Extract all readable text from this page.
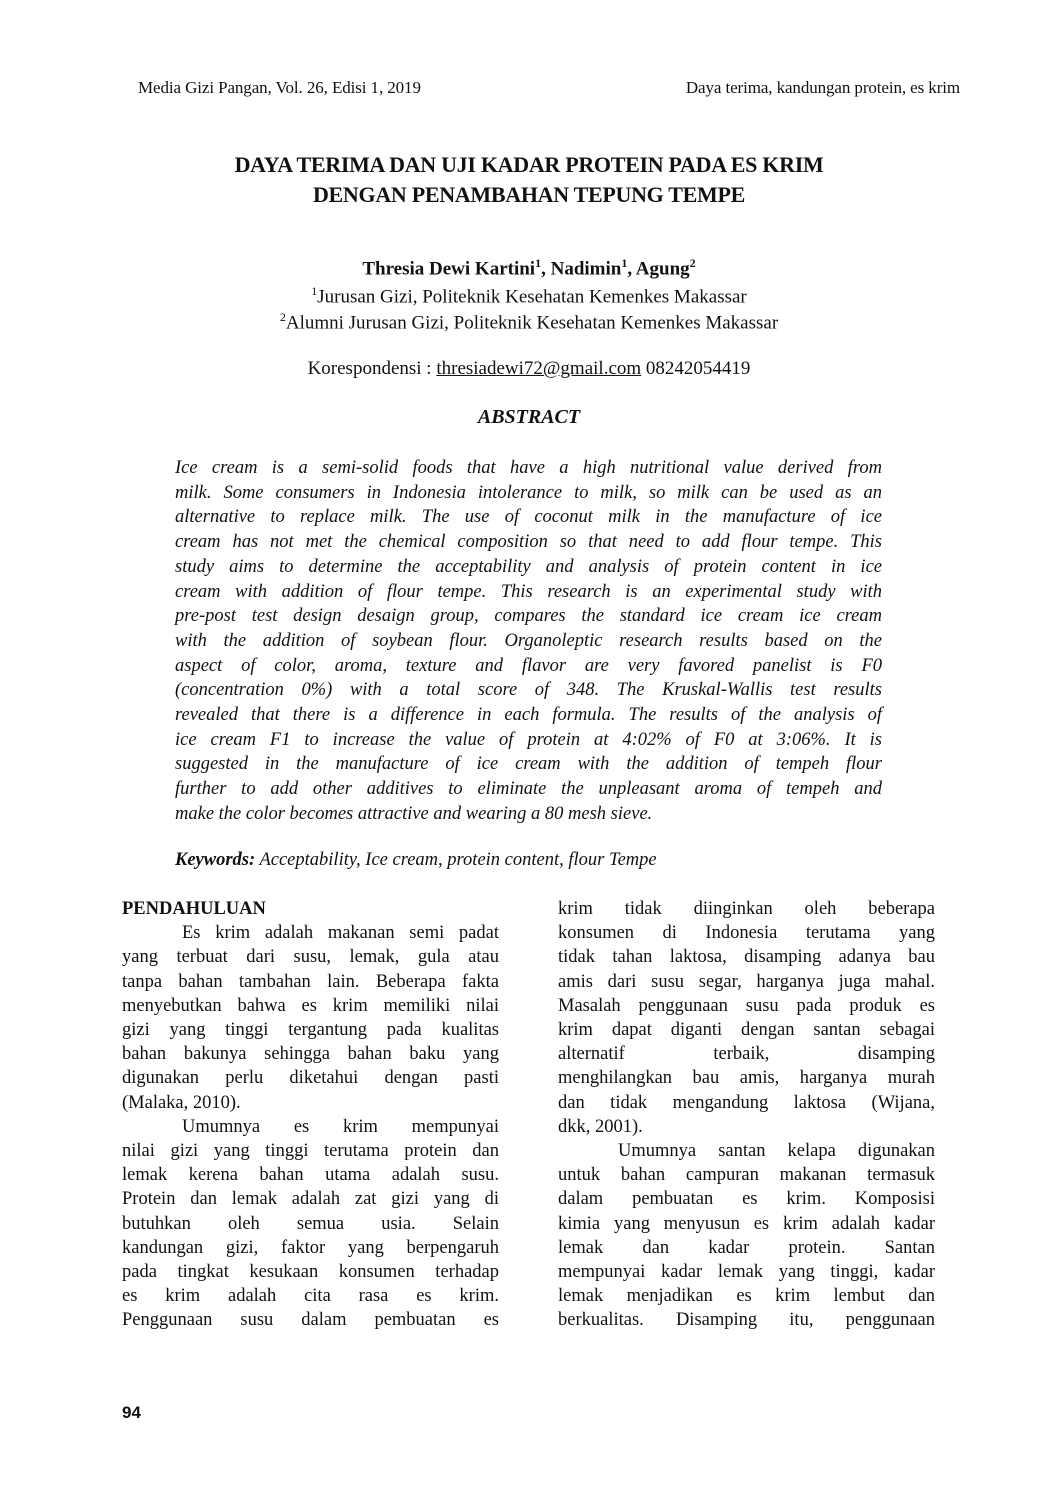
Media Gizi Pangan, Vol. 26, Edisi 1, 2019	Daya terima, kandungan protein, es krim
DAYA TERIMA DAN UJI KADAR PROTEIN PADA ES KRIM
DENGAN PENAMBAHAN TEPUNG TEMPE
Thresia Dewi Kartini$^1$, Nadimin$^1$, Agung$^2$
$^1$Jurusan Gizi, Politeknik Kesehatan Kemenkes Makassar
$^2$Alumni Jurusan Gizi, Politeknik Kesehatan Kemenkes Makassar
Korespondensi : thresiadewi72@gmail.com 08242054419
ABSTRACT
Ice cream is a semi-solid foods that have a high nutritional value derived from
milk. Some consumers in Indonesia intolerance to milk, so milk can be used as an
alternative to replace milk. The use of coconut milk in the manufacture of ice
cream has not met the chemical composition so that need to add flour tempe. This
study aims to determine the acceptability and analysis of protein content in ice
cream with addition of flour tempe. This research is an experimental study with
pre-post test design desaign group, compares the standard ice cream ice cream
with the addition of soybean flour. Organoleptic research results based on the
aspect of color, aroma, texture and flavor are very favored panelist is F0
(concentration 0%) with a total score of 348. The Kruskal-Wallis test results
revealed that there is a difference in each formula. The results of the analysis of
ice cream F1 to increase the value of protein at 4:02% of F0 at 3:06%. It is
suggested in the manufacture of ice cream with the addition of tempeh flour
further to add other additives to eliminate the unpleasant aroma of tempeh and
make the color becomes attractive and wearing a 80 mesh sieve.
Keywords: Acceptability, Ice cream, protein content, flour Tempe
PENDAHULUAN
Es krim adalah makanan semi padat
yang terbuat dari susu, lemak, gula atau
tanpa bahan tambahan lain. Beberapa fakta
menyebutkan bahwa es krim memiliki nilai
gizi yang tinggi tergantung pada kualitas
bahan bakunya sehingga bahan baku yang
digunakan perlu diketahui dengan pasti
(Malaka, 2010).
Umumnya es krim mempunyai
nilai gizi yang tinggi terutama protein dan
lemak kerena bahan utama adalah susu.
Protein dan lemak adalah zat gizi yang di
butuhkan oleh semua usia. Selain
kandungan gizi, faktor yang berpengaruh
pada tingkat kesukaan konsumen terhadap
es krim adalah cita rasa es krim.
Penggunaan susu dalam pembuatan es
krim tidak diinginkan oleh beberapa
konsumen di Indonesia terutama yang
tidak tahan laktosa, disamping adanya bau
amis dari susu segar, harganya juga mahal.
Masalah penggunaan susu pada produk es
krim dapat diganti dengan santan sebagai
alternatif terbaik, disamping
menghilangkan bau amis, harganya murah
dan tidak mengandung laktosa (Wijana,
dkk, 2001).
Umumnya santan kelapa digunakan
untuk bahan campuran makanan termasuk
dalam pembuatan es krim. Komposisi
kimia yang menyusun es krim adalah kadar
lemak dan kadar protein. Santan
mempunyai kadar lemak yang tinggi, kadar
lemak menjadikan es krim lembut dan
berkualitas. Disamping itu, penggunaan
94
